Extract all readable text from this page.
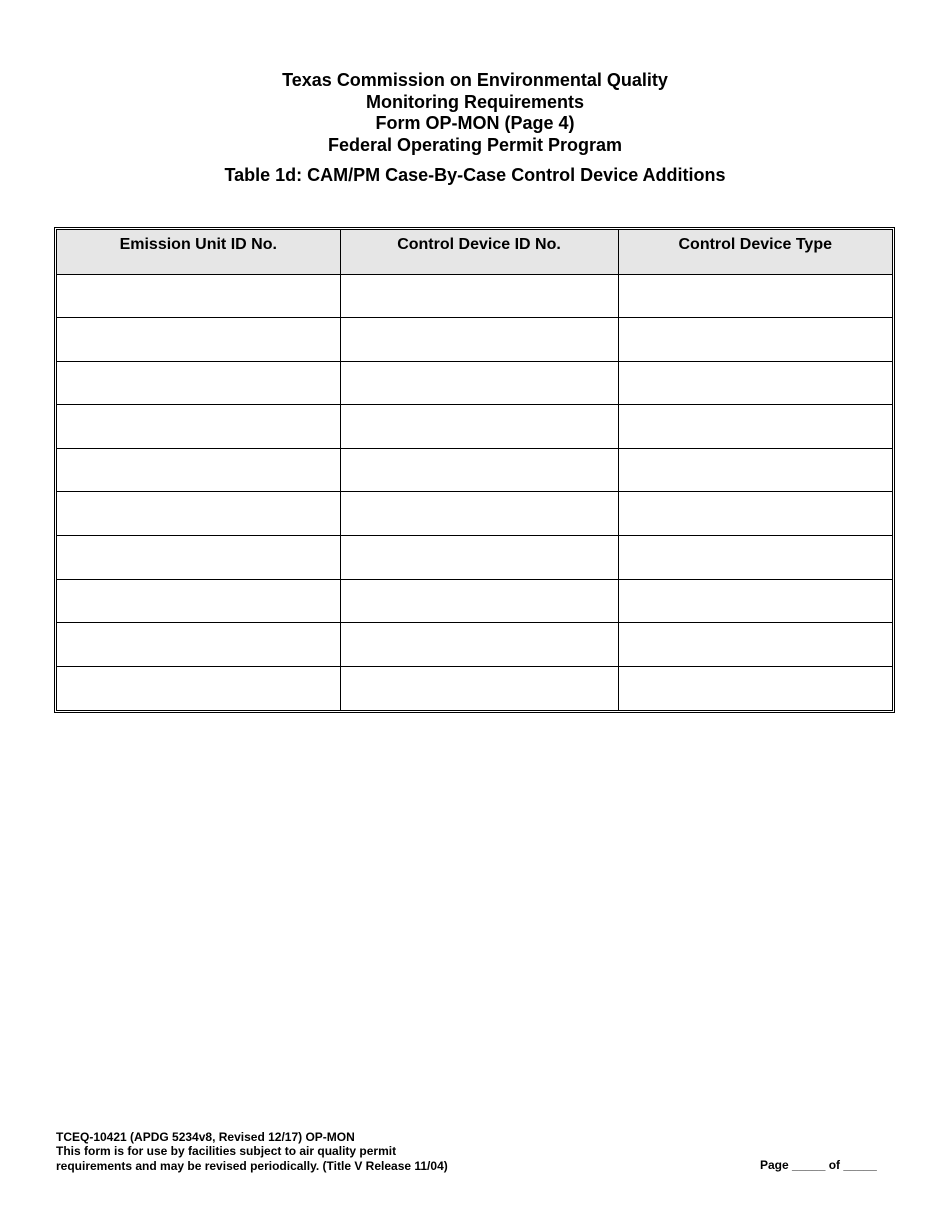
Texas Commission on Environmental Quality
Monitoring Requirements
Form OP-MON (Page 4)
Federal Operating Permit Program
Table 1d: CAM/PM Case-By-Case Control Device Additions
Emission Unit ID No.	Control Device ID No.	Control Device Type

TCEQ-10421 (APDG 5234v8, Revised 12/17) OP-MON
This form is for use by facilities subject to air quality permit
requirements and may be revised periodically. (Title V Release 11/04)	Page _____ of _____
